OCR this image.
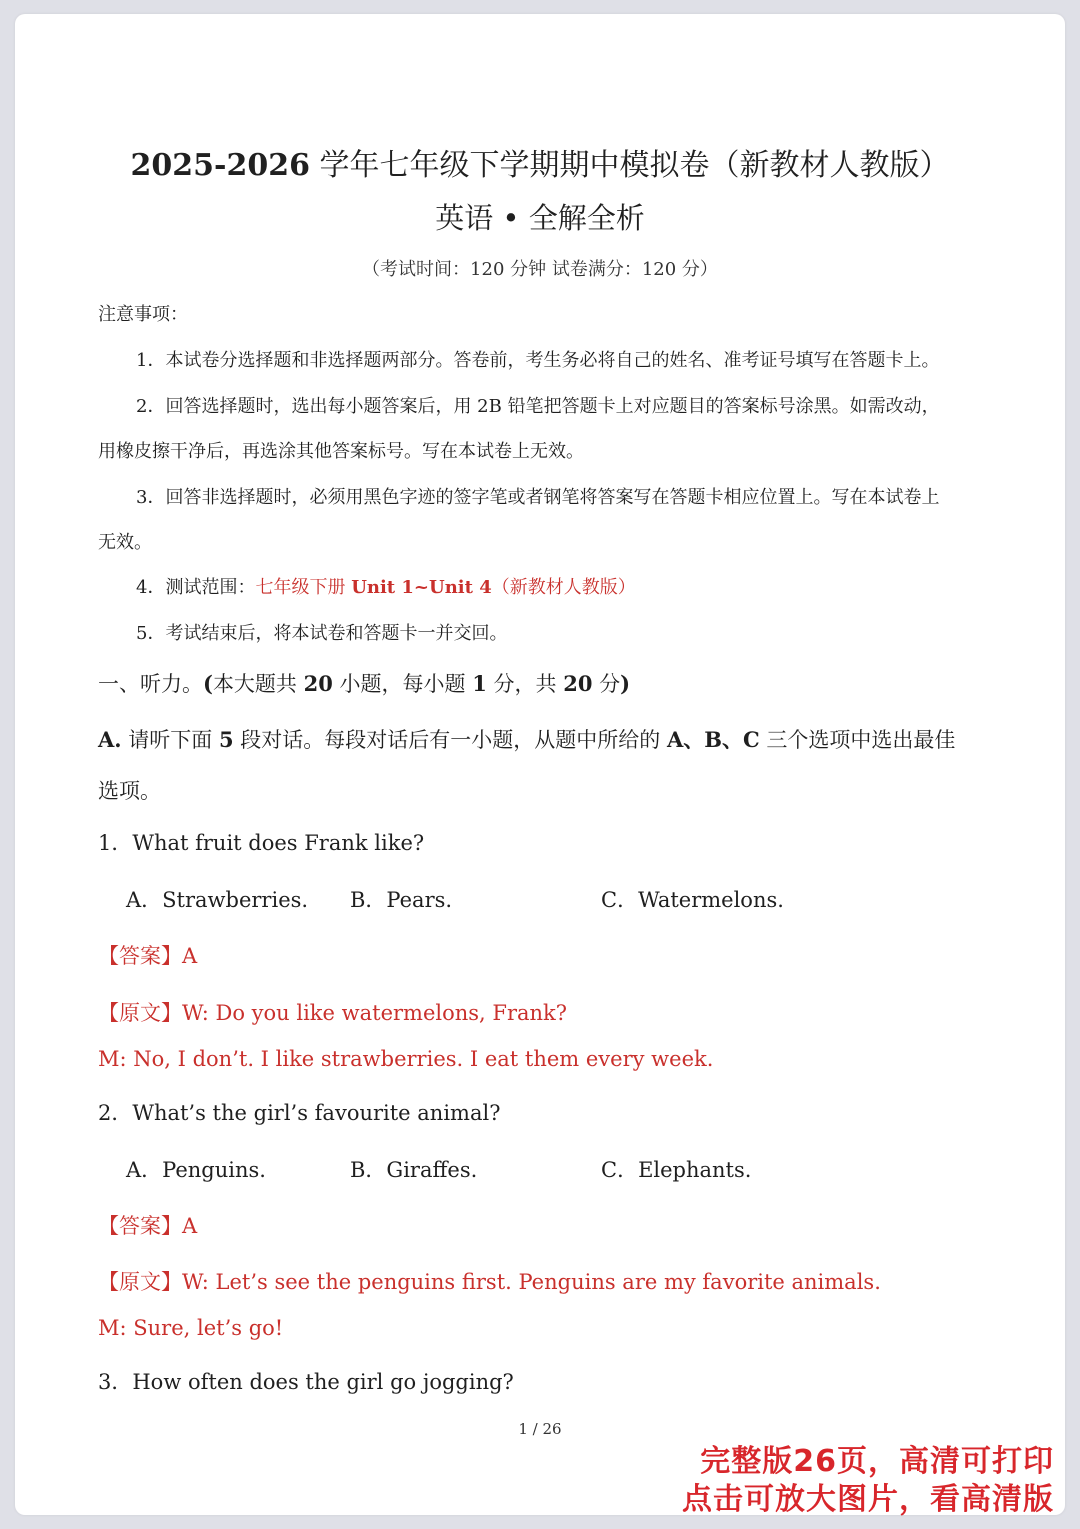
2025-2026 学年七年级下学期期中模拟卷（新教材人教版）
英语 • 全解全析
（考试时间：120 分钟 试卷满分：120 分）
注意事项：
1．本试卷分选择题和非选择题两部分。答卷前，考生务必将自己的姓名、准考证号填写在答题卡上。
2．回答选择题时，选出每小题答案后，用 2B 铅笔把答题卡上对应题目的答案标号涂黑。如需改动，
用橡皮擦干净后，再选涂其他答案标号。写在本试卷上无效。
3．回答非选择题时，必须用黑色字迹的签字笔或者钢笔将答案写在答题卡相应位置上。写在本试卷上
无效。
4．测试范围：七年级下册 Unit 1~Unit 4（新教材人教版）
5．考试结束后，将本试卷和答题卡一并交回。
一、听力。(本大题共 20 小题，每小题 1 分，共 20 分)
A. 请听下面 5 段对话。每段对话后有一小题，从题中所给的 A、B、C 三个选项中选出最佳
选项。
1．What fruit does Frank like?
A．Strawberries. B．Pears.	C．Watermelons.
【答案】A
【原文】W: Do you like watermelons, Frank?
M: No, I don’t. I like strawberries. I eat them every week.
2．What’s the girl’s favourite animal?
A．Penguins.	B．Giraffes.	C．Elephants.
【答案】A
【原文】W: Let’s see the penguins first. Penguins are my favorite animals.
M: Sure, let’s go!
3．How often does the girl go jogging?
1 / 26
完整版26页，高清可打印
点击可放大图片，看高清版
